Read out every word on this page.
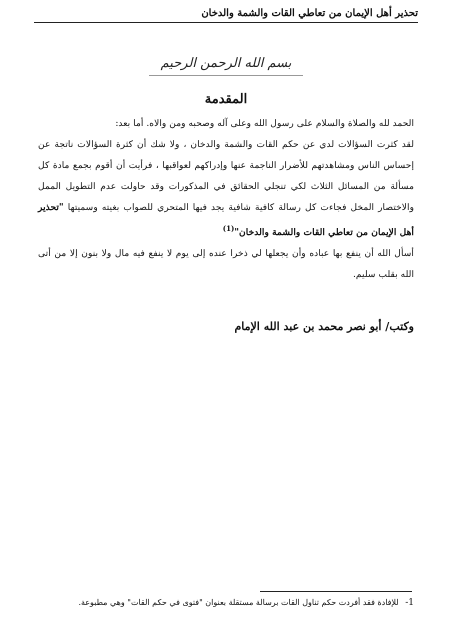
تحذير أهل الإيمان من تعاطي القات والشمة والدخان
بسم الله الرحمن الرحيم
المقدمة

الحمد لله والصلاة والسلام على رسول الله وعلى آله وصحبه ومن والاه. أما بعد:

لقد كثرت السؤالات لدي عن حكم القات والشمة والدخان ، ولا شك أن كثرة السؤالات ناتجة عن إحساس الناس ومشاهدتهم للأضرار الناجمة عنها وإدراكهم لعواقبها ، فرأيت أن أقوم بجمع مادة كل مسألة من المسائل الثلاث لكي تنجلي الحقائق في المذكورات وقد حاولت عدم التطويل الممل والاختصار المخل فجاءت كل رسالة كافية شافية يجد فيها المتحري للصواب بغيته وسميتها "تحذير أهل الإيمان من تعاطي القات والشمة والدخان"$^{(1)}$

أسأل الله أن ينفع بها عباده وأن يجعلها لي ذخرا عنده إلى يوم لا ينفع فيه مال ولا بنون إلا من أتى الله بقلب سليم.

وكتب/ أبو نصر محمد بن عبد الله الإمام
1- للإفادة فقد أفردت حكم تناول القات برسالة مستقلة بعنوان "فتوى في حكم القات" وهي مطبوعة.
